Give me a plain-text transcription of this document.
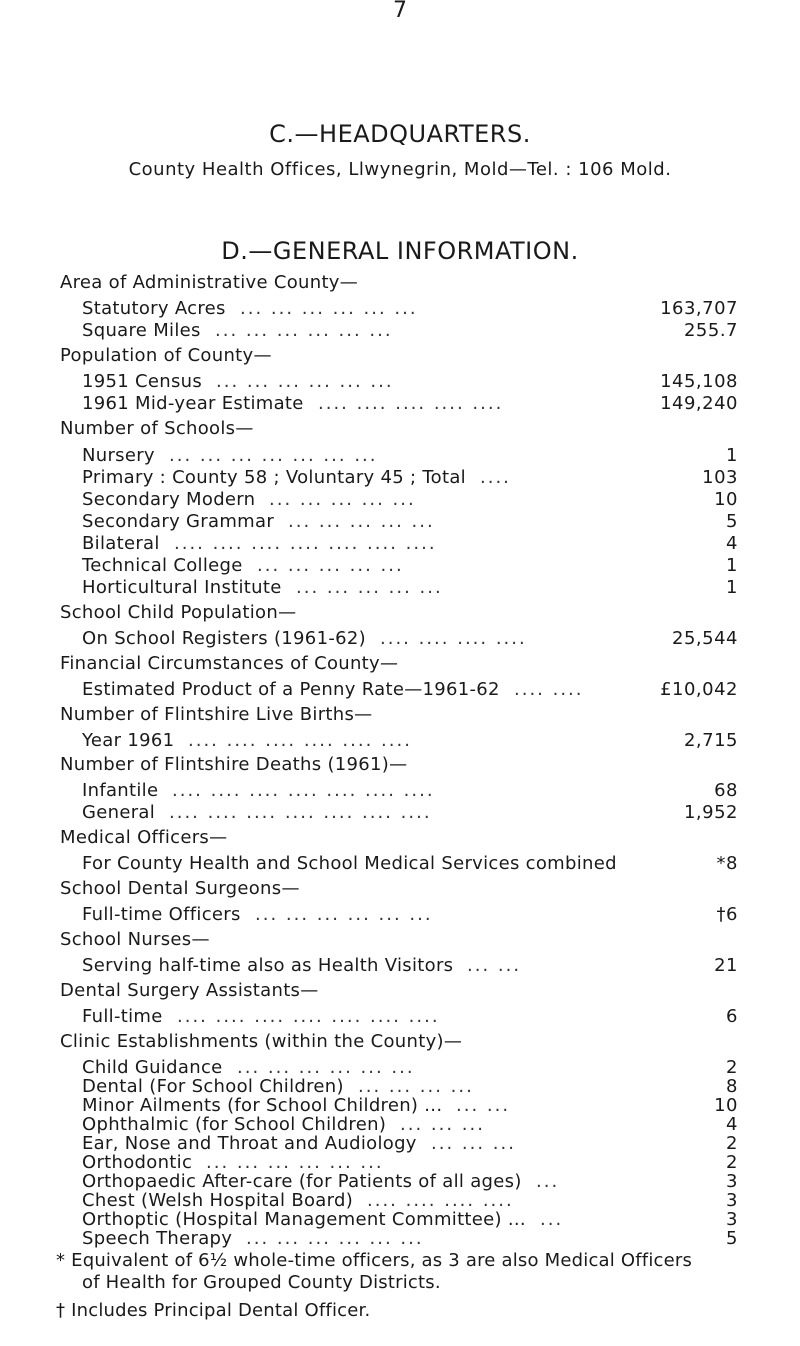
7
C.—HEADQUARTERS.
County Health Offices, Llwynegrin, Mold—Tel. : 106 Mold.
D.—GENERAL INFORMATION.
Area of Administrative County—
Statutory Acres ... ... ... ... ... ...	163,707
Square Miles ... ... ... ... ... ...	255.7
Population of County—
1951 Census ... ... ... ... ... ...	145,108
1961 Mid-year Estimate .... .... .... .... ....	149,240
Number of Schools—
Nursery ... ... ... ... ... ... ...	1
Primary : County 58 ; Voluntary 45 ; Total ....	103
Secondary Modern ... ... ... ... ...	10
Secondary Grammar ... ... ... ... ...	5
Bilateral .... .... .... .... .... .... ....	4
Technical College ... ... ... ... ...	1
Horticultural Institute ... ... ... ... ...	1
School Child Population—
On School Registers (1961-62) .... .... .... ....	25,544
Financial Circumstances of County—
Estimated Product of a Penny Rate—1961-62 .... ....	£10,042
Number of Flintshire Live Births—
Year 1961 .... .... .... .... .... ....	2,715
Number of Flintshire Deaths (1961)—
Infantile .... .... .... .... .... .... ....	68
General .... .... .... .... .... .... ....	1,952
Medical Officers—
For County Health and School Medical Services combined	*8
School Dental Surgeons—
Full-time Officers ... ... ... ... ... ...	†6
School Nurses—
Serving half-time also as Health Visitors ... ...	21
Dental Surgery Assistants—
Full-time .... .... .... .... .... .... ....	6
Clinic Establishments (within the County)—
Child Guidance ... ... ... ... ... ...	2
Dental (For School Children) ... ... ... ...	8
Minor Ailments (for School Children) ... ... ...	10
Ophthalmic (for School Children) ... ... ...	4
Ear, Nose and Throat and Audiology ... ... ...	2
Orthodontic ... ... ... ... ... ...	2
Orthopaedic After-care (for Patients of all ages) ...	3
Chest (Welsh Hospital Board) .... .... .... ....	3
Orthoptic (Hospital Management Committee) ... ...	3
Speech Therapy ... ... ... ... ... ...	5
* Equivalent of 6½ whole-time officers, as 3 are also Medical Officers
of Health for Grouped County Districts.
† Includes Principal Dental Officer.
